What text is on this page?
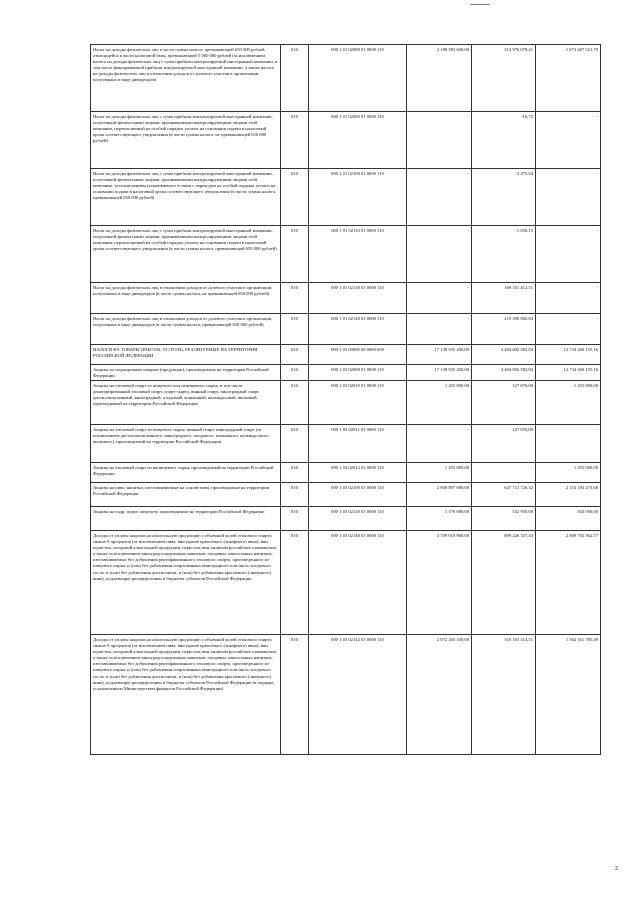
Налог на доходы физических лиц в части суммы налога, превышающей 650 000 рублей, относящейся к части налоговой базы, превышающей 5 000 000 рублей (за исключением налога на доходы физических лиц с сумм прибыли контролируемой иностранной компании, в том числе фиксированной прибыли контролируемой иностранной компании, а также налога на доходы физических лиц в отношении доходов от долевого участия в организации, полученных в виде дивидендов)	010	000 1 01 02080 01 0000 110	2 188 583 600,00	314 976 078,21	1 873 607 521,79
Налог на доходы физических лиц с сумм прибыли контролируемой иностранной компании, полученной физическими лицами, признаваемыми контролирующими лицами этой компании, перечисляемый на особый порядок уплаты на основании подачи в налоговый орган соответствующего уведомления (в части суммы налога, не превышающей 650 000 рублей)	010	000 1 01 02090 01 0000 110	-	-16,75	-
Налог на доходы физических лиц с сумм прибыли контролируемой иностранной компании, полученной физическими лицами, признаваемыми контролирующими лицами этой компании, за исключением уплачиваемого в связи с переходом на особый порядок уплаты на основании подачи в налоговый орган соответствующего уведомления (в части суммы налога, превышающей 650 000 рублей)	010	000 1 01 02100 01 0000 110	-	-3 475,94	-
Налог на доходы физических лиц с сумм прибыли контролируемой иностранной компании, полученной физическими лицами, признаваемыми контролирующими лицами этой компании, перечисляемый на особый порядок уплаты на основании подачи в налоговый орган соответствующего уведомления (в части суммы налога, превышающей 650 000 рублей)	010	000 1 01 02110 01 0000 110	-	-1 056,15	-
Налог на доходы физических лиц в отношении доходов от долевого участия в организации, полученных в виде дивидендов (в части суммы налога, не превышающей 650 000 рублей)	010	000 1 01 02130 01 0000 110	-	169 351 412,51	-
Налог на доходы физических лиц в отношении доходов от долевого участия в организации, полученных в виде дивидендов (в части суммы налога, превышающей 650 000 рублей)	010	000 1 01 02140 01 0000 110	-	219 390 882,84	-
НАЛОГИ НА ТОВАРЫ (РАБОТЫ, УСЛУГИ), РЕАЛИЗУЕМЫЕ НА ТЕРРИТОРИИ РОССИЙСКОЙ ФЕДЕРАЦИИ	010	000 1 03 00000 00 0000 000	17 138 935 200,00	4 404 802 582,84	12 734 260 155,16
Акцизы по подакцизным товарам (продукции), производимым на территории Российской Федерации	010	000 1 03 02000 01 0000 110	17 138 935 200,00	4 404 802 582,84	12 734 260 155,16
Акцизы на этиловый спирт из пищевого или непищевого сырья, в том числе денатурированный этиловый спирт, спирт-сырец, винный спирт, виноградный спирт, дистилляты винный, виноградный, плодовый, коньячный, кальвадосный, висковый, производимый на территории Российской Федерации	010	000 1 03 02010 01 0000 110	1 455 000,00	127 076,00	1 455 000,00
Акцизы на этиловый спирт из пищевого сырья, винный спирт, виноградный спирт (за исключением дистиллятов винного, виноградного, плодового, коньячного, кальвадосного, вискового), производимый на территории Российской Федерации	010	000 1 03 02011 01 0000 110	-	127 076,00	-
Акцизы на этиловый спирт из непищевого сырья, производимый на территории Российской Федерации	010	000 1 03 02012 01 0000 110	1 455 000,00	-	1 455 000,00
Акцизы на пиво, напитки, изготавливаемые на основе пива, производимые на территории Российской Федерации	010	000 1 03 02100 01 0000 110	2 800 897 000,00	647 713 726,32	2 153 183 273,68
Акцизы на сидр, пуаре, медовуху, производимые на территории Российской Федерации	010	000 1 03 02120 01 0000 110	1 376 000,00	532 950,00	843 050,00
Доходы от уплаты акцизов на алкогольную продукцию с объемной долей этилового спирта свыше 9 процентов (за исключением пива, вин (кроме крепленого (ликерного) вина), вин игристых, плодовой алкогольной продукции, игристых вин, включая российское шампанское, а также за исключением виноградосодержащих напитков, плодовых алкогольных напитков, изготавливаемых без добавления ректификованного этилового спирта, произведенного из пищевого сырья, и (или) без добавления спиртованных виноградного или иного плодового сусла, и (или) без добавления дистиллятов, и (или) без добавления крепленого (ликерного) вина), подлежащие распределению в бюджеты субъектов Российской Федерации	010	000 1 03 02140 01 0000 110	3 709 018 900,00	899 226 337,43	2 809 792 562,57
Доходы от уплаты акцизов на алкогольную продукцию с объемной долей этилового спирта свыше 9 процентов (за исключением пива, вин (кроме крепленого (ликерного) вина), вин игристых, плодовой алкогольной продукции, игристых вин, включая российское шампанское, а также за исключением виноградосодержащих напитков, плодовых алкогольных напитков, изготавливаемых без добавления ректификованного этилового спирта, произведенного из пищевого сырья, и (или) без добавления спиртованных виноградного или иного плодового сусла, и (или) без добавления дистиллятов, и (или) без добавления крепленого (ликерного) вина), подлежащие распределению в бюджеты субъектов Российской Федерации (в порядке, установленном Министерством финансов Российской Федерации)	010	000 1 03 02142 01 0000 110	2 072 263 100,00	510 101 314,51	1 562 161 785,49
2
